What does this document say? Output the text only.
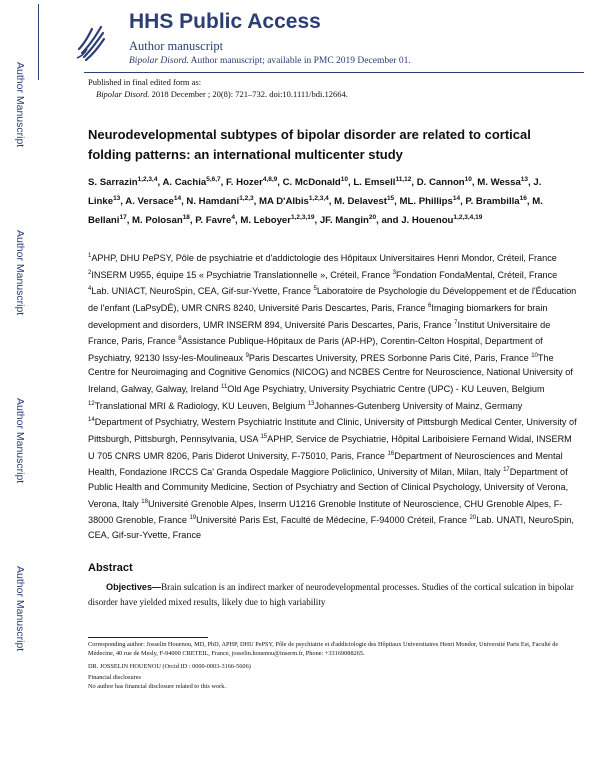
Author Manuscript
Author Manuscript
Author Manuscript
Author Manuscript
HHS Public Access
Author manuscript
Bipolar Disord. Author manuscript; available in PMC 2019 December 01.
Published in final edited form as:
Bipolar Disord. 2018 December ; 20(8): 721–732. doi:10.1111/bdi.12664.
Neurodevelopmental subtypes of bipolar disorder are related to cortical folding patterns: an international multicenter study
S. Sarrazin$^{1,2,3,4}$, A. Cachia$^{5,6,7}$, F. Hozer$^{4,8,9}$, C. McDonald$^{10}$, L. Emsell$^{11,12}$, D. Cannon$^{10}$, M. Wessa$^{13}$, J. Linke$^{13}$, A. Versace$^{14}$, N. Hamdani$^{1,2,3}$, MA D'Albis$^{1,2,3,4}$, M. Delavest$^{15}$, ML. Phillips$^{14}$, P. Brambilla$^{16}$, M. Bellani$^{17}$, M. Polosan$^{18}$, P. Favre$^4$, M. Leboyer$^{1,2,3,19}$, JF. Mangin$^{20}$, and J. Houenou$^{1,2,3,4,19}$
$^1$APHP, DHU PePSY, Pôle de psychiatrie et d'addictologie des Hôpitaux Universitaires Henri Mondor, Créteil, France $^2$INSERM U955, équipe 15 « Psychiatrie Translationnelle », Créteil, France $^3$Fondation FondaMental, Créteil, France $^4$Lab. UNIACT, NeuroSpin, CEA, Gif-sur-Yvette, France $^5$Laboratoire de Psychologie du Développement et de l'Éducation de l'enfant (LaPsyDÉ), UMR CNRS 8240, Université Paris Descartes, Paris, France $^6$Imaging biomarkers for brain development and disorders, UMR INSERM 894, Université Paris Descartes, Paris, France $^7$Institut Universitaire de France, Paris, France $^8$Assistance Publique-Hôpitaux de Paris (AP-HP), Corentin-Celton Hospital, Department of Psychiatry, 92130 Issy-les-Moulineaux $^9$Paris Descartes University, PRES Sorbonne Paris Cité, Paris, France $^{10}$The Centre for Neuroimaging and Cognitive Genomics (NICOG) and NCBES Centre for Neuroscience, National University of Ireland, Galway, Galway, Ireland $^{11}$Old Age Psychiatry, University Psychiatric Centre (UPC) - KU Leuven, Belgium $^{12}$Translational MRI & Radiology, KU Leuven, Belgium $^{13}$Johannes-Gutenberg University of Mainz, Germany $^{14}$Department of Psychiatry, Western Psychiatric Institute and Clinic, University of Pittsburgh Medical Center, University of Pittsburgh, Pittsburgh, Pennsylvania, USA $^{15}$APHP, Service de Psychiatrie, Hôpital Lariboisiere Fernand Widal, INSERM U 705 CNRS UMR 8206, Paris Diderot University, F-75010, Paris, France $^{16}$Department of Neurosciences and Mental Health, Fondazione IRCCS Ca' Granda Ospedale Maggiore Policlinico, University of Milan, Milan, Italy $^{17}$Department of Public Health and Community Medicine, Section of Psychiatry and Section of Clinical Psychology, University of Verona, Verona, Italy $^{18}$Université Grenoble Alpes, Inserm U1216 Grenoble Institute of Neuroscience, CHU Grenoble Alpes, F-38000 Grenoble, France $^{19}$Université Paris Est, Faculté de Médecine, F-94000 Créteil, France $^{20}$Lab. UNATI, NeuroSpin, CEA, Gif-sur-Yvette, France
Abstract
Objectives—Brain sulcation is an indirect marker of neurodevelopmental processes. Studies of the cortical sulcation in bipolar disorder have yielded mixed results, likely due to high variability
Corresponding author: Josselin Houenou, MD, PhD, APHP, DHU PePSY, Pôle de psychiatrie et d'addictologie des Hôpitaux Universitaires Henri Mondor, Université Paris Est, Faculté de Médecine, 40 rue de Mesly, F-94000 CRETEIL, France, josselin.houenou@inserm.fr, Phone: +33169088265.
DR. JOSSELIN HOUENOU (Orcid ID : 0000-0003-3166-5606)
Financial disclosures
No author has financial disclosure related to this work.
